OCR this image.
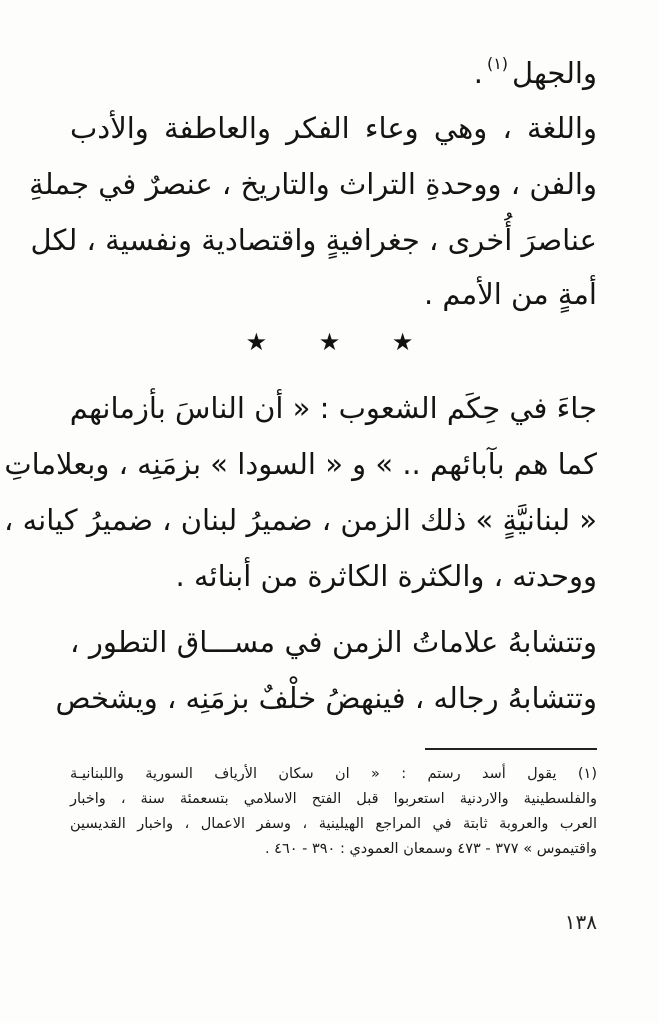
والجهل$^{(١)}$.
واللغة ، وهي وعاء الفكر والعاطفة والأدب
والفن ، ووحدةِ التراث والتاريخ ، عنصرٌ في جملةِ
عناصرَ أُخرى ، جغرافيةٍ واقتصادية ونفسية ، لكل
أمةٍ من الأمم .
★ ★ ★
جاءَ في حِكَم الشعوب : « أن الناسَ بأزمانهم
كما هم بآبائهم .. » و « السودا » بزمَنِه ، وبعلاماتِ
« لبنانيَّةٍ » ذلك الزمن ، ضميرُ لبنان ، ضميرُ كيانه ،
ووحدته ، والكثرة الكاثرة من أبنائه .
وتتشابهُ علاماتُ الزمن في مســـاق التطور ،
وتتشابهُ رجاله ، فينهضُ خلْفٌ بزمَنِه ، ويشخص
(١) يقول أسد رستم : « ان سكان الأرياف السورية واللبنانيـة
والفلسطينية والاردنية استعربوا قبل الفتح الاسلامي بتسعمئة سنة ، واخبار
العرب والعروبة ثابتة في المراجع الهيلينية ، وسفر الاعمال ، واخبار القديسين
واقتيموس » ٣٧٧ - ٤٧٣ وسمعان العمودي : ٣٩٠ - ٤٦٠ .
١٣٨
